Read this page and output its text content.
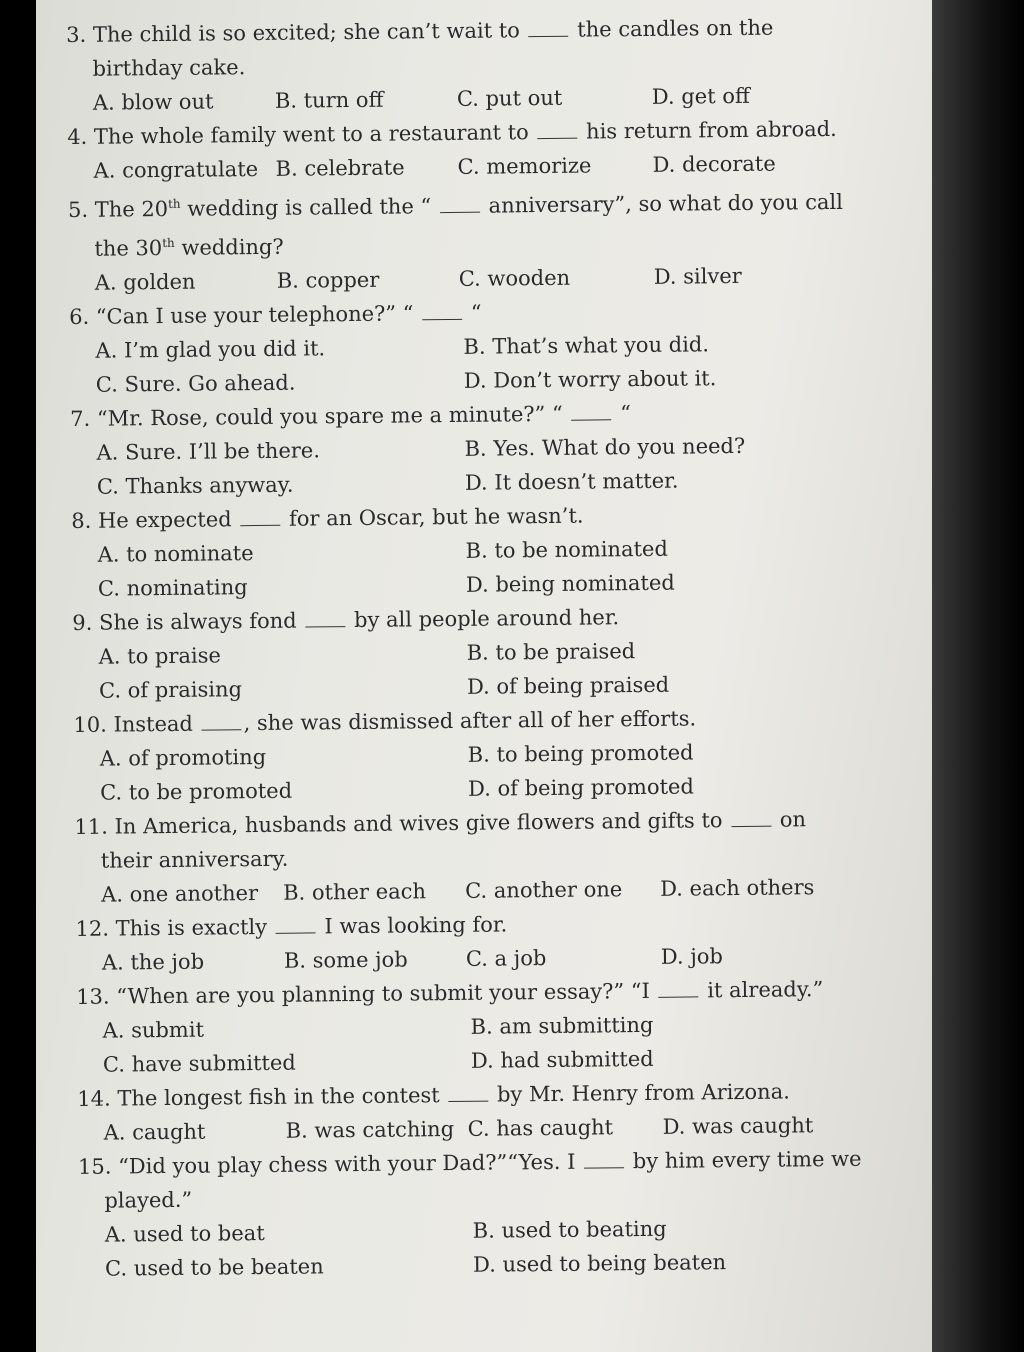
3. The child is so excited; she can’t wait to	the candles on the
birthday cake.
A. blow out	B. turn off	C. put out	D. get off
4. The whole family went to a restaurant to	his return from abroad.
A. congratulate B. celebrate	C. memorize	D. decorate
5. The 20th wedding is called the “	anniversary”, so what do you call
the 30th wedding?
A. golden	B. copper	C. wooden	D. silver
6. “Can I use your telephone?” “	“
A. I’m glad you did it.	B. That’s what you did.
C. Sure. Go ahead.	D. Don’t worry about it.
7. “Mr. Rose, could you spare me a minute?” “	“
A. Sure. I’ll be there.	B. Yes. What do you need?
C. Thanks anyway.	D. It doesn’t matter.
8. He expected	for an Oscar, but he wasn’t.
A. to nominate	B. to be nominated
C. nominating	D. being nominated
9. She is always fond	by all people around her.
A. to praise	B. to be praised
C. of praising	D. of being praised
10. Instead , she was dismissed after all of her efforts.
A. of promoting	B. to being promoted
C. to be promoted	D. of being promoted
11. In America, husbands and wives give flowers and gifts to	on
their anniversary.
A. one another	B. other each	C. another one	D. each others
12. This is exactly	I was looking for.
A. the job	B. some job	C. a job	D. job
13. “When are you planning to submit your essay?” “I	it already.”
A. submit	B. am submitting
C. have submitted	D. had submitted
14. The longest fish in the contest	by Mr. Henry from Arizona.
A. caught	B. was catching C. has caught	D. was caught
15. “Did you play chess with your Dad?”“Yes. I	by him every time we
played.”
A. used to beat	B. used to beating
C. used to be beaten	D. used to being beaten
